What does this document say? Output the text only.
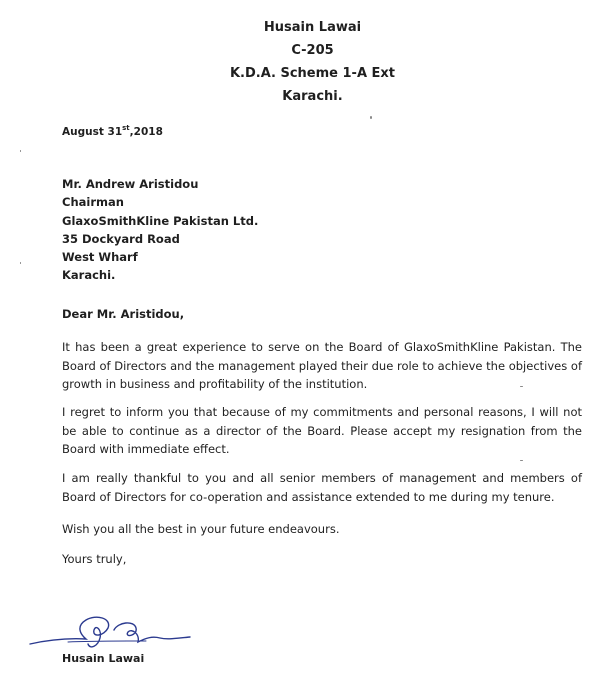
Husain Lawai
C-205
K.D.A. Scheme 1-A Ext
Karachi.
August 31st,2018
Mr. Andrew Aristidou
Chairman
GlaxoSmithKline Pakistan Ltd.
35 Dockyard Road
West Wharf
Karachi.
Dear Mr. Aristidou,
It has been a great experience to serve on the Board of GlaxoSmithKline Pakistan. The Board of Directors and the management played their due role to achieve the objectives of growth in business and profitability of the institution.
I regret to inform you that because of my commitments and personal reasons, I will not be able to continue as a director of the Board. Please accept my resignation from the Board with immediate effect.
I am really thankful to you and all senior members of management and members of Board of Directors for co-operation and assistance extended to me during my tenure.
Wish you all the best in your future endeavours.
Yours truly,
Husain Lawai
